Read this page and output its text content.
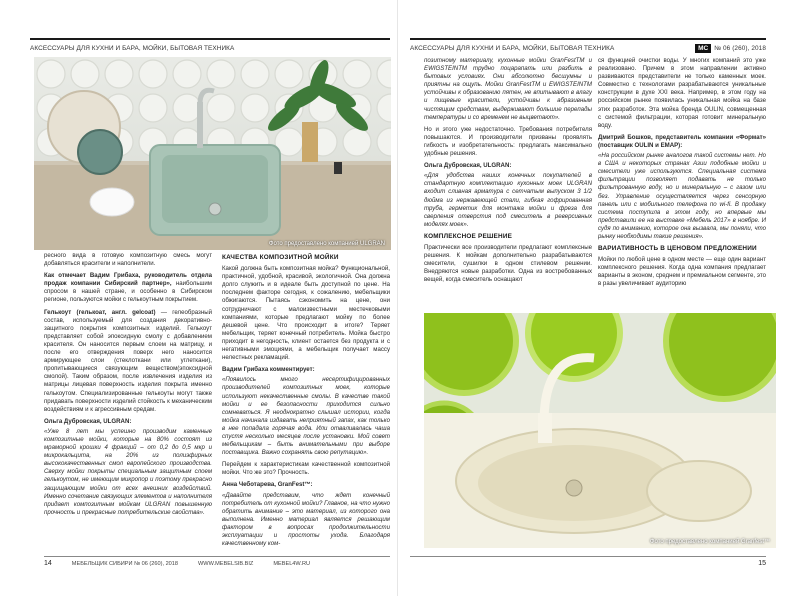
АКСЕССУАРЫ ДЛЯ КУХНИ И БАРА, МОЙКИ, БЫТОВАЯ ТЕХНИКА	АКСЕССУАРЫ ДЛЯ КУХНИ И БАРА, МОЙКИ, БЫТОВАЯ ТЕХНИКА	МС № 06 (260), 2018
Фото предоставлено компанией ULGRAN

ресного вида в готовую композитную смесь могут добавляться красители и наполнители.

Как отмечает Вадим Грибаха, руководитель отдела продаж компании Сибирский партнер», наибольшим спросом в нашей стране, и особенно в Сибирском регионе, пользуются мойки с гелькоутным покрытием.

Гелькоут (гелькоат, англ. gelcoat) — гелеобразный состав, используемый для создания декоративно-защитного покрытия композитных изделий. Гелькоут представляет собой эпоксидную смолу с добавлением красителя. Он наносится первым слоем на матрицу, и после его отверждения поверх него наносится армирующее слои (стеклоткани или углеткани), пропитывающиеся связующим веществом(эпоксидной смолой). Таким образом, после извлечения изделия из матрицы лицевая поверхность изделия покрыта именно гелькоутом. Специализированные гелькоуты могут также придавать поверхности изделий стойкость к механическим воздействиям и к агрессивным средам.

Ольга Дубровская, ULGRAN:

«Уже 8 лет мы успешно производим каменные композитные мойки, которые на 80% состоят из мраморной крошки 4 фракций – от 0,2 до 0,5 мкр и микрокальцита, на 20% из полиэфирных высококачественных смол европейского производства. Сверху мойки покрыты специальным защитным слоем гелькоутом, не имеющим микропор и поэтому прекрасно защищающим мойки от всех внешних воздействий. Именно сочетание связующих элементов и наполнителя придает композитным мойкам ULGRAN повышенную прочность и прекрасные потребительские свойства».

КАЧЕСТВА КОМПОЗИТНОЙ МОЙКИ

Какой должна быть композитная мойка? Функциональной, практичной, удобной, красивой, экологичной. Она должна долго служить и в идеале быть доступной по цене. На последнем факторе сегодня, к сожалению, мебельщики обжигаются. Пытаясь сэкономить на цене, они сотрудничают с малоизвестными местечковыми компаниями, которые предлагают мойку по более дешевой цене. Что происходит в итоге? Теряет мебельщик, теряет конечный потребитель. Мойка быстро приходит в негодность, клиент остается без продукта и с негативными эмоциями, а мебельщик получает массу нелестных рекламаций.

Вадим Грибаха комментирует:

«Появилось много несертифицированных производителей композитных моек, которые используют некачественные смолы. В качестве такой мойки и ее безопасности приходится сильно сомневаться. Я неоднократно слышал истории, когда мойка начинала издавать неприятный запах, как только в нее попадала горячая вода. Или отваливалась чаша спустя несколько месяцев после установки. Мой совет мебельщикам – быть внимательными при выборе поставщика. Важно сохранять свою репутацию».

Перейдем к характеристикам качественной композитной мойки. Что же это? Прочность.

Анна Чеботарева, GranFest™:

«Давайте представим, что ждет конечный потребитель от кухонной мойки? Главное, на что нужно обратить внимание – это материал, из которого она выполнена. Именно материал является решающим фактором в вопросах продолжительности эксплуатации и простоты ухода. Благодаря качественному ком-

позитному материалу, кухонные мойки GranFestTM и EWIGSTEINTM трудно поцарапать или разбить в бытовых условиях. Они абсолютно бесшумны и приятны на ощупь. Мойки GranFestTM и EWIGSTEINTM устойчивы к образованию пятен, не впитывают в влагу и пищевые красители, устойчивы к абразивным чистящим средствам, выдерживают большие перепады температуры и со временем не выцветают».

Но и этого уже недостаточно. Требования потребителя повышаются. И производители призваны проявлять гибкость и изобретательность: предлагать максимально удобные решения.

Ольга Дубровская, ULGRAN:

«Для удобства наших конечных покупателей в стандартную комплектацию кухонных моек ULGRAN входит сливная арматура с сетчатым выпуском 3 1/2 дюйма из нержавеющей стали, гибкая гофрированная труба, герметик для монтажа мойки и фреза для сверления отверстия под смеситель в реверсивных моделях моек».

КОМПЛЕКСНОЕ РЕШЕНИЕ

Практически все производители предлагают комплексные решения. К мойкам дополнительно разрабатываются смесители, сушилки в одном стилевом решении. Внедряются новые разработки. Одна из востребованных вещей, когда смеситель оснащают

ся функцией очистки воды. У многих компаний это уже реализовано. Причем в этом направлении активно развиваются представители не только каменных моек. Совместно с технологами разрабатываются уникальные конструкции в духе XXI века. Например, в этом году на российском рынке появилась уникальная мойка на базе этих разработок. Эта мойка бренда OULIN, совмещенная с системой фильтрации, которая готовит минеральную воду.

Дмитрий Бошков, представитель компании «Формат» (поставщик OULIN и EMAP):

«На российском рынке аналогов такой системы нет. Но в США и некоторых странах Азии подобные мойки и смесители уже используются. Специальная система фильтрации позволяет подавать не только фильтрованную воду, но и минеральную – с газом или без. Управление осуществляется через сенсорную панель или с мобильного телефона по wi-fi. В продажу система поступила в этом году, но впервые мы представили ее на выставке «Мебель 2017» в ноябре. И судя по вниманию, которое она вызвала, мы поняли, что рынку необходимы такие решения».

ВАРИАТИВНОСТЬ В ЦЕНОВОМ ПРЕДЛОЖЕНИИ

Мойки по любой цене в одном месте — еще один вариант комплексного решения. Когда одна компания предлагает варианты в эконом, среднем и премиальном сегменте, это в разы увеличивает аудиторию

Фото предоставлено компанией Granfest™
14	МЕБЕЛЬЩИК СИБИРИ № 06 (260), 2018	WWW.MEBELSIB.BIZ	MEBEL4W.RU	15
